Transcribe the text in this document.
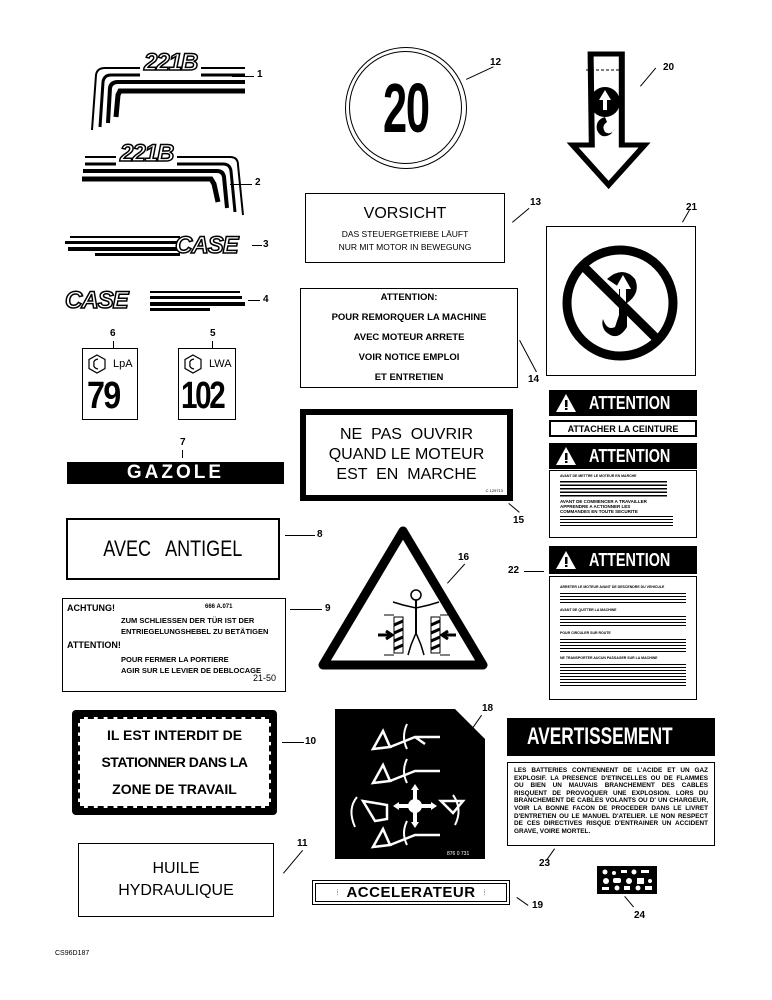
221B	1
221B
2
CASE	3
CASE	4
6
LpA
79
5
LWA
102
7
GAZOLE
AVEC   ANTIGEL
8
ACHTUNG!	666 A.071
ZUM SCHLIESSEN DER TÜR IST DER
ENTRIEGELUNGSHEBEL ZU BETÄTIGEN
ATTENTION!
POUR FERMER LA PORTIERE
AGIR SUR LE LEVIER DE DEBLOCAGE
21-50
9
IL EST INTERDIT DE
STATIONNER DANS LA
ZONE DE TRAVAIL
10
HUILE
HYDRAULIQUE
11
20
12
VORSICHT
DAS STEUERGETRIEBE LÄUFT
NUR MIT MOTOR IN BEWEGUNG
13
ATTENTION:
POUR REMORQUER LA MACHINE
AVEC MOTEUR ARRETE
VOIR NOTICE EMPLOI
ET ENTRETIEN	14
NE  PAS  OUVRIR
QUAND LE MOTEUR
EST  EN  MARCHE
C 129713
15
16
876 0 731
18
⦙ ACCELERATEUR ⦙
19
20
21
ATTENTION
ATTACHER LA CEINTURE
ATTENTION
AVANT DE METTRE LE MOTEUR EN MARCHE
AVANT DE COMMENCER A TRAVAILLER
APPRENDRE A ACTIONNER LES
COMMANDES EN TOUTE SECURITE
ATTENTION
ARRETER LE MOTEUR AVANT DE DESCENDRE DU VEHICULE
AVANT DE QUITTER LA MACHINE
POUR CIRCULER SUR ROUTE
NE TRANSPORTER AUCUN PASSAGER SUR LA MACHINE
22
AVERTISSEMENT
LES BATTERIES CONTIENNENT DE L'ACIDE ET UN GAZ EXPLOSIF. LA PRESENCE D'ETINCELLES OU DE FLAMMES OU BIEN UN MAUVAIS BRANCHEMENT DES CABLES RISQUENT DE PROVOQUER UNE EXPLOSION. LORS DU BRANCHEMENT DE CABLES VOLANTS OU D' UN CHARGEUR, VOIR LA BONNE FACON DE PROCEDER DANS LE LIVRET D'ENTRETIEN OU LE MANUEL D'ATELIER. LE NON RESPECT DE CES DIRECTIVES RISQUE D'ENTRAINER UN ACCIDENT GRAVE, VOIRE MORTEL.
23
24
CS96D187
